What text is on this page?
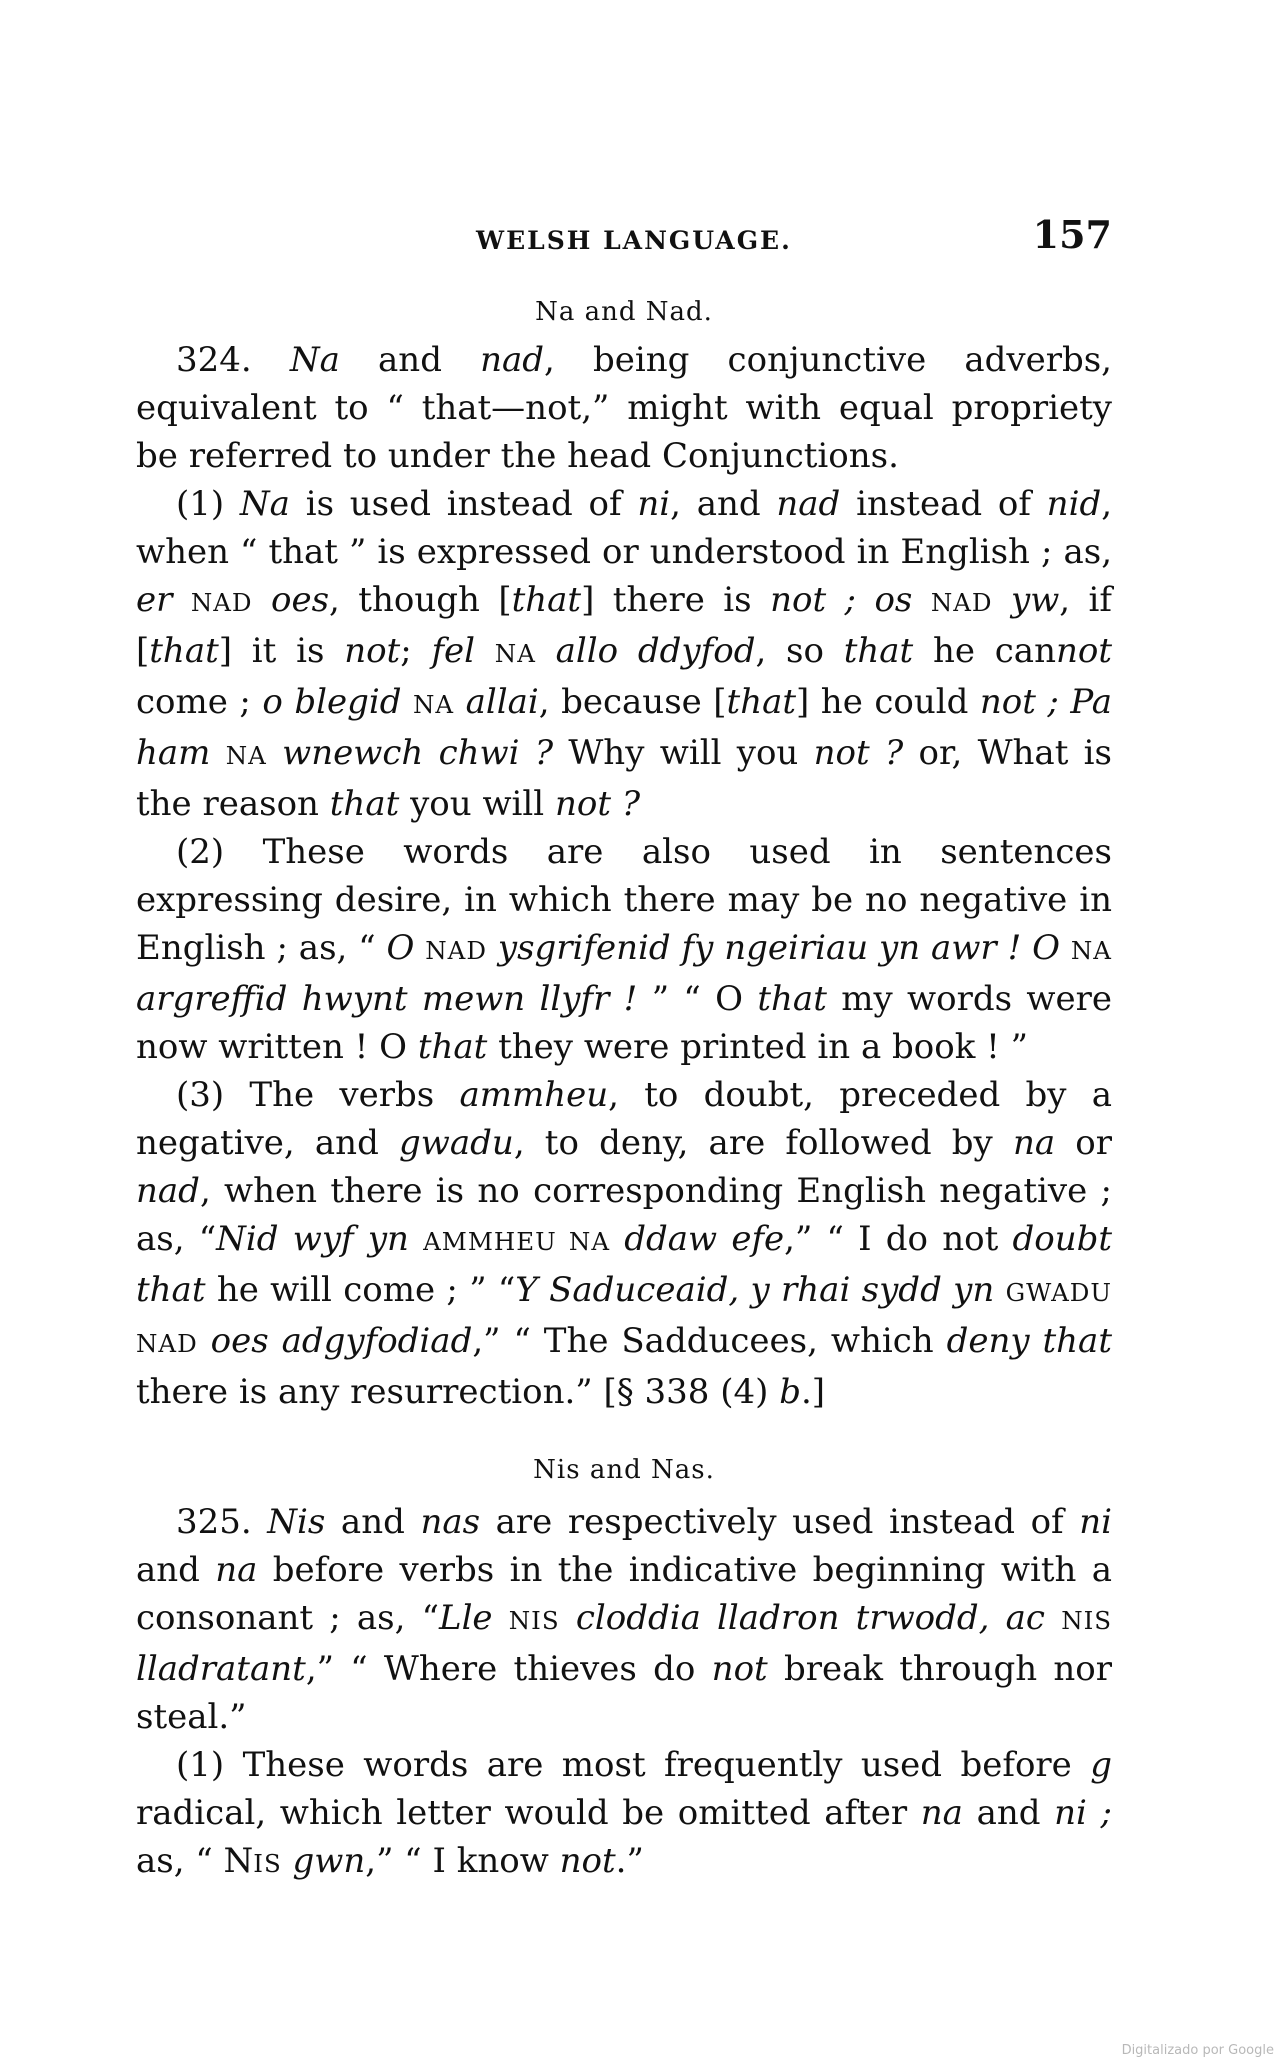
WELSH LANGUAGE.	157
Na and Nad.

324. Na and nad, being conjunctive adverbs, equivalent to “ that—not,” might with equal propriety be referred to under the head Conjunctions.

(1) Na is used instead of ni, and nad instead of nid, when “ that ” is expressed or understood in English ; as, er NAD oes, though [that] there is not ; os NAD yw, if [that] it is not; fel NA allo ddyfod, so that he cannot come ; o blegid NA allai, because [that] he could not ; Pa ham NA wnewch chwi ? Why will you not ? or, What is the reason that you will not ?

(2) These words are also used in sentences expressing desire, in which there may be no negative in English ; as, “ O NAD ysgrifenid fy ngeiriau yn awr ! O NA argreffid hwynt mewn llyfr ! ” “ O that my words were now written ! O that they were printed in a book ! ”

(3) The verbs ammheu, to doubt, preceded by a negative, and gwadu, to deny, are followed by na or nad, when there is no corresponding English negative ; as, “Nid wyf yn AMMHEU NA ddaw efe,” “ I do not doubt that he will come ; ” “Y Saduceaid, y rhai sydd yn GWADU NAD oes adgyfodiad,” “ The Sadducees, which deny that there is any resurrection.” [§ 338 (4) b.]

Nis and Nas.

325. Nis and nas are respectively used instead of ni and na before verbs in the indicative beginning with a consonant ; as, “Lle NIS cloddia lladron trwodd, ac NIS lladratant,” “ Where thieves do not break through nor steal.”

(1) These words are most frequently used before g radical, which letter would be omitted after na and ni ; as, “ NIS gwn,” “ I know not.”

Digitalizado por Google
